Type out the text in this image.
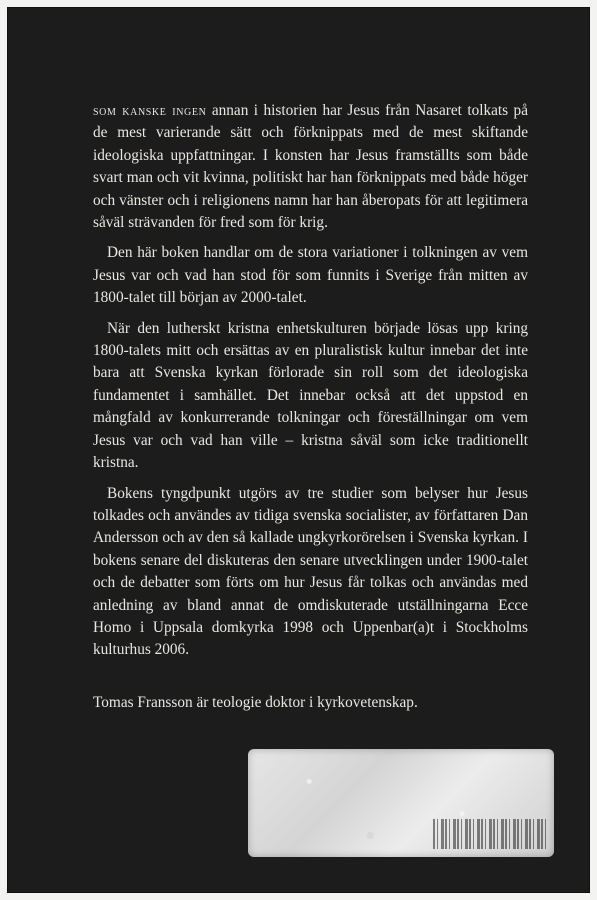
som kanske ingen annan i historien har Jesus från Nasaret tolkats på de mest varierande sätt och förknippats med de mest skiftande ideologiska uppfattningar. I konsten har Jesus framställts som både svart man och vit kvinna, politiskt har han förknippats med både höger och vänster och i religionens namn har han åberopats för att legitimera såväl strävanden för fred som för krig.

Den här boken handlar om de stora variationer i tolkningen av vem Jesus var och vad han stod för som funnits i Sverige från mitten av 1800-talet till början av 2000-talet.

När den lutherskt kristna enhetskulturen började lösas upp kring 1800-talets mitt och ersättas av en pluralistisk kultur innebar det inte bara att Svenska kyrkan förlorade sin roll som det ideologiska fundamentet i samhället. Det innebar också att det uppstod en mångfald av konkurrerande tolkningar och föreställningar om vem Jesus var och vad han ville – kristna såväl som icke traditionellt kristna.

Bokens tyngdpunkt utgörs av tre studier som belyser hur Jesus tolkades och användes av tidiga svenska socialister, av författaren Dan Andersson och av den så kallade ungkyrkorörelsen i Svenska kyrkan. I bokens senare del diskuteras den senare utvecklingen under 1900-talet och de debatter som förts om hur Jesus får tolkas och användas med anledning av bland annat de omdiskuterade utställningarna Ecce Homo i Uppsala domkyrka 1998 och Uppenbar(a)t i Stockholms kulturhus 2006.

Tomas Fransson är teologie doktor i kyrkovetenskap.
